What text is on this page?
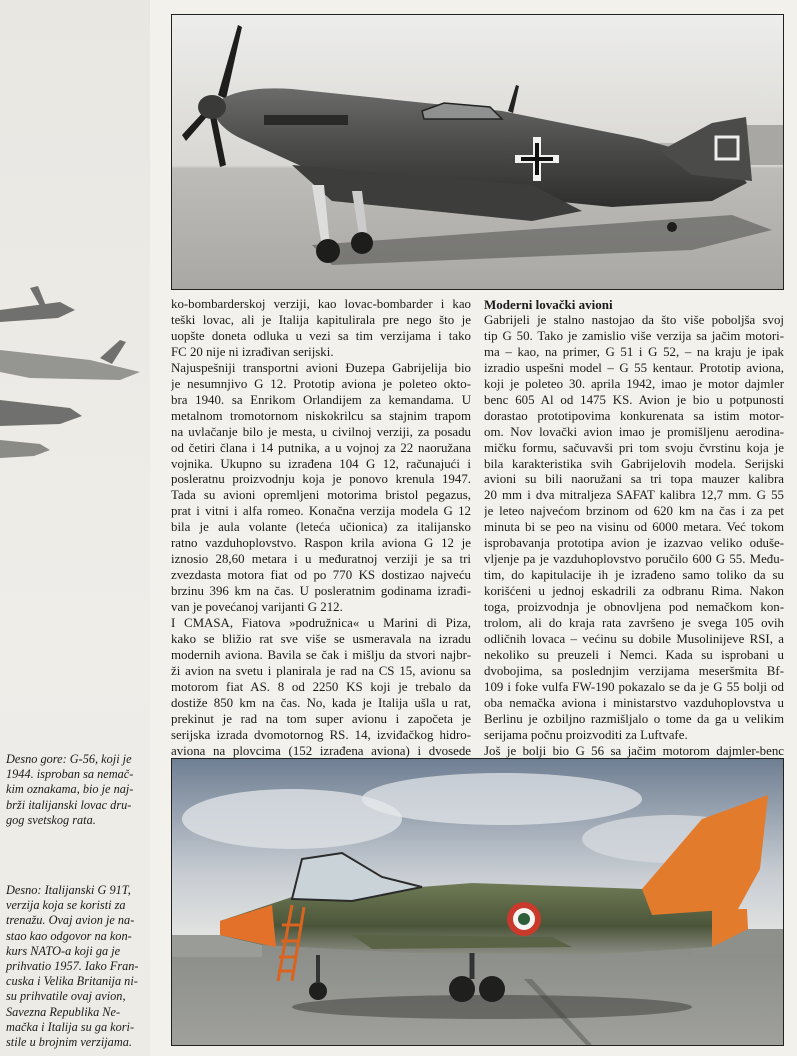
Desno gore: G-56, koji je
1944. isproban sa nemač-
kim oznakama, bio je naj-
brži italijanski lovac dru-
gog svetskog rata.
Desno: Italijanski G 91T,
verzija koja se koristi za
trenažu. Ovaj avion je na-
stao kao odgovor na kon-
kurs NATO-a koji ga je
prihvatio 1957. Iako Fran-
cuska i Velika Britanija ni-
su prihvatile ovaj avion,
Savezna Republika Ne-
mačka i Italija su ga kori-
stile u brojnim verzijama.

ko-bombarderskoj verziji, kao lovac-bombarder i kao
teški lovac, ali je Italija kapitulirala pre nego što je
uopšte doneta odluka u vezi sa tim verzijama i tako
FC 20 nije ni izrađivan serijski.
Najuspešniji transportni avioni Đuzepa Gabrijelija bio
je nesumnjivo G 12. Prototip aviona je poleteo okto-
bra 1940. sa Enrikom Orlandijem za kemandama. U
metalnom tromotornom niskokrilcu sa stajnim trapom
na uvlačanje bilo je mesta, u civilnoj verziji, za posadu
od četiri člana i 14 putnika, a u vojnoj za 22 naoružana
vojnika. Ukupno su izrađena 104 G 12, računajući i
posleratnu proizvodnju koja je ponovo krenula 1947.
Tada su avioni opremljeni motorima bristol pegazus,
prat i vitni i alfa romeo. Konačna verzija modela G 12
bila je aula volante (leteća učionica) za italijansko
ratno vazduhoplovstvo. Raspon krila aviona G 12 je
iznosio 28,60 metara i u međuratnoj verziji je sa tri
zvezdasta motora fiat od po 770 KS dostizao najveću
brzinu 396 km na čas. U posleratnim godinama izrađi-
van je povećanoj varijanti G 212.
I CMASA, Fiatova »podružnica« u Marini di Piza,
kako se bližio rat sve više se usmeravala na izradu
modernih aviona. Bavila se čak i mišlju da stvori najbr-
ži avion na svetu i planirala je rad na CS 15, avionu sa
motorom fiat AS. 8 od 2250 KS koji je trebalo da
dostiže 850 km na čas. No, kada je Italija ušla u rat,
prekinut je rad na tom super avionu i započeta je
serijska izrada dvomotornog RS. 14, izviđačkog hidro-
aviona na plovcima (152 izrađena aviona) i dvosede

Moderni lovački avioni

Gabrijeli je stalno nastojao da što više poboljša svoj
tip G 50. Tako je zamislio više verzija sa jačim motori-
ma – kao, na primer, G 51 i G 52, – na kraju je ipak
izradio uspešni model – G 55 kentaur. Prototip aviona,
koji je poleteo 30. aprila 1942, imao je motor dajmler
benc 605 Al od 1475 KS. Avion je bio u potpunosti
dorastao prototipovima konkurenata sa istim motor-
om. Nov lovački avion imao je promišljenu aerodina-
mičku formu, sačuvavši pri tom svoju čvrstinu koja je
bila karakteristika svih Gabrijelovih modela. Serijski
avioni su bili naoružani sa tri topa mauzer kalibra
20 mm i dva mitraljeza SAFAT kalibra 12,7 mm. G 55
je leteo najvećom brzinom od 620 km na čas i za pet
minuta bi se peo na visinu od 6000 metara. Već tokom
isprobavanja prototipa avion je izazvao veliko oduše-
vljenje pa je vazduhoplovstvo poručilo 600 G 55. Među-
tim, do kapitulacije ih je izrađeno samo toliko da su
korišćeni u jednoj eskadrili za odbranu Rima. Nakon
toga, proizvodnja je obnovljena pod nemačkom kon-
trolom, ali do kraja rata završeno je svega 105 ovih
odličnih lovaca – većinu su dobile Musolinijeve RSI, a
nekoliko su preuzeli i Nemci. Kada su isprobani u
dvobojima, sa poslednjim verzijama meseršmita Bf-
109 i foke vulfa FW-190 pokazalo se da je G 55 bolji od
oba nemačka aviona i ministarstvo vazduhoplovstva u
Berlinu je ozbiljno razmišljalo o tome da ga u velikim
serijama počnu proizvoditi za Luftvafe.
Još je bolji bio G 56 sa jačim motorom dajmler-benc
